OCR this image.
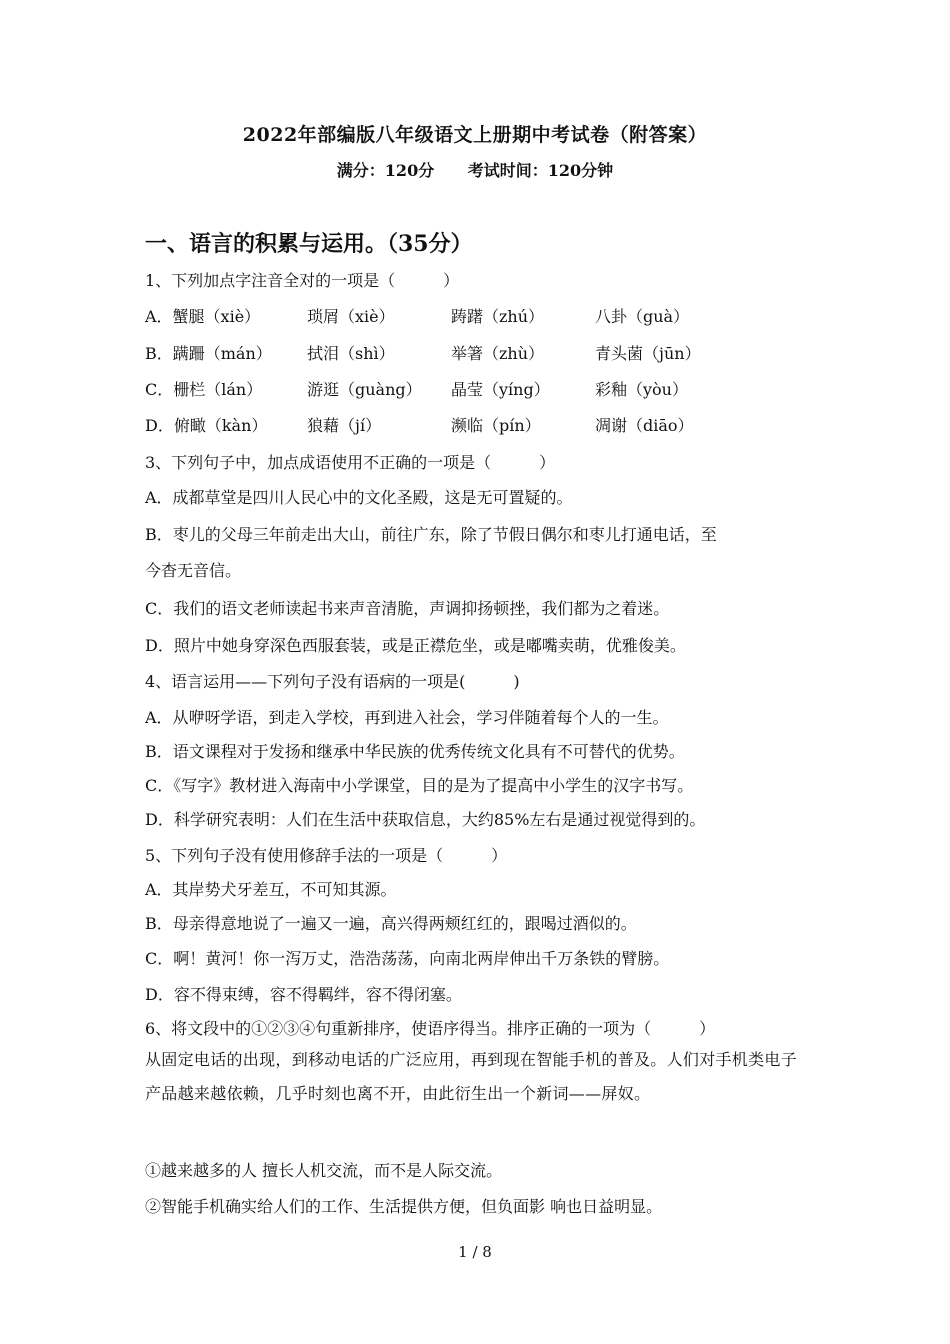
2022年部编版八年级语文上册期中考试卷（附答案）
满分：120分 考试时间：120分钟
一、语言的积累与运用。（35分）
1、下列加点字注音全对的一项是（　　　）
A．蟹腿（xiè）	琐屑（xiè）	踌躇（zhú）	八卦（guà）
B．蹒跚（mán） 拭泪（shì）	举箸（zhù）	青头菌（jūn）
C．栅栏（lán）	游逛（guàng） 晶莹（yíng）	彩釉（yòu）
D．俯瞰（kàn） 狼藉（jí）	濒临（pín）	凋谢（diāo）
3、下列句子中，加点成语使用不正确的一项是（　　　）
A．成都草堂是四川人民心中的文化圣殿，这是无可置疑的。
B．枣儿的父母三年前走出大山，前往广东，除了节假日偶尔和枣儿打通电话，至
今杳无音信。
C．我们的语文老师读起书来声音清脆，声调抑扬顿挫，我们都为之着迷。
D．照片中她身穿深色西服套装，或是正襟危坐，或是嘟嘴卖萌，优雅俊美。
4、语言运用——下列句子没有语病的一项是(　　　)
A．从咿呀学语，到走入学校，再到进入社会，学习伴随着每个人的一生。
B．语文课程对于发扬和继承中华民族的优秀传统文化具有不可替代的优势。
C．《写字》教材进入海南中小学课堂，目的是为了提高中小学生的汉字书写。
D．科学研究表明：人们在生活中获取信息，大约85%左右是通过视觉得到的。
5、下列句子没有使用修辞手法的一项是（　　　）
A．其岸势犬牙差互，不可知其源。
B．母亲得意地说了一遍又一遍，高兴得两颊红红的，跟喝过酒似的。
C．啊！黄河！你一泻万丈，浩浩荡荡，向南北两岸伸出千万条铁的臂膀。
D．容不得束缚，容不得羁绊，容不得闭塞。
6、将文段中的①②③④句重新排序，使语序得当。排序正确的一项为（　　　）
从固定电话的出现，到移动电话的广泛应用，再到现在智能手机的普及。人们对手机类电子产品越来越依赖，几乎时刻也离不开，由此衍生出一个新词——屏奴。
①越来越多的人 擅长人机交流，而不是人际交流。
②智能手机确实给人们的工作、生活提供方便，但负面影 响也日益明显。
1 / 8
